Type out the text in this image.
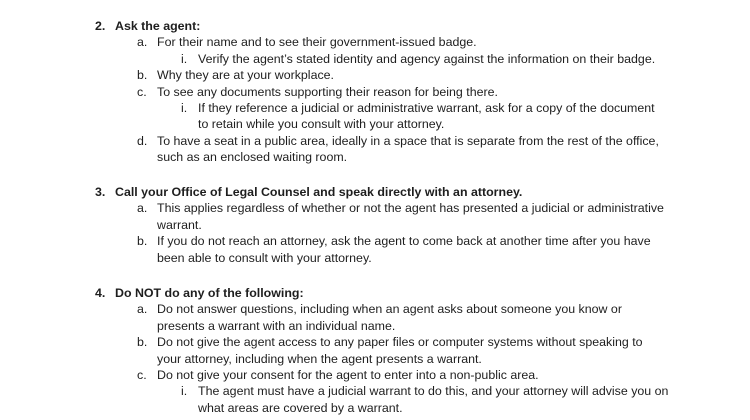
2. Ask the agent:
a. For their name and to see their government-issued badge.
i. Verify the agent’s stated identity and agency against the information on their badge.
b. Why they are at your workplace.
c. To see any documents supporting their reason for being there.
i. If they reference a judicial or administrative warrant, ask for a copy of the document
to retain while you consult with your attorney.
d. To have a seat in a public area, ideally in a space that is separate from the rest of the office,
such as an enclosed waiting room.
3. Call your Office of Legal Counsel and speak directly with an attorney.
a. This applies regardless of whether or not the agent has presented a judicial or administrative
warrant.
b. If you do not reach an attorney, ask the agent to come back at another time after you have
been able to consult with your attorney.
4. Do NOT do any of the following:
a. Do not answer questions, including when an agent asks about someone you know or
presents a warrant with an individual name.
b. Do not give the agent access to any paper files or computer systems without speaking to
your attorney, including when the agent presents a warrant.
c. Do not give your consent for the agent to enter into a non-public area.
i. The agent must have a judicial warrant to do this, and your attorney will advise you on
what areas are covered by a warrant.
